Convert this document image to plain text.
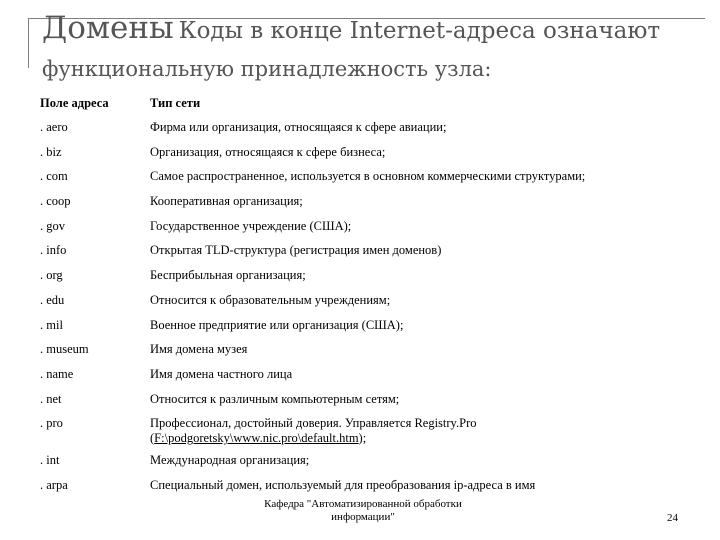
Домены Коды в конце Internet-адреса означают
функциональную принадлежность узла:
Поле адреса	Тип сети
. aero	Фирма или организация, относящаяся к сфере авиации;
. biz	Организация, относящаяся к сфере бизнеса;
. com	Самое распространенное, используется в основном коммерческими структурами;
. coop	Кооперативная организация;
. gov	Государственное учреждение (США);
. info	Открытая TLD-структура (регистрация имен доменов)
. org	Бесприбыльная организация;
. edu	Относится к образовательным учреждениям;
. mil	Военное предприятие или организация (США);
. museum	Имя домена музея
. name	Имя домена частного лица
. net	Относится к различным компьютерным сетям;
. pro	Профессионал, достойный доверия. Управляется Registry.Pro
(F:\podgoretsky\www.nic.pro\default.htm);
. int	Международная организация;
. arpa	Специальный домен, используемый для преобразования ip-адреса в имя
Кафедра "Автоматизированной обработки
информации"	24
